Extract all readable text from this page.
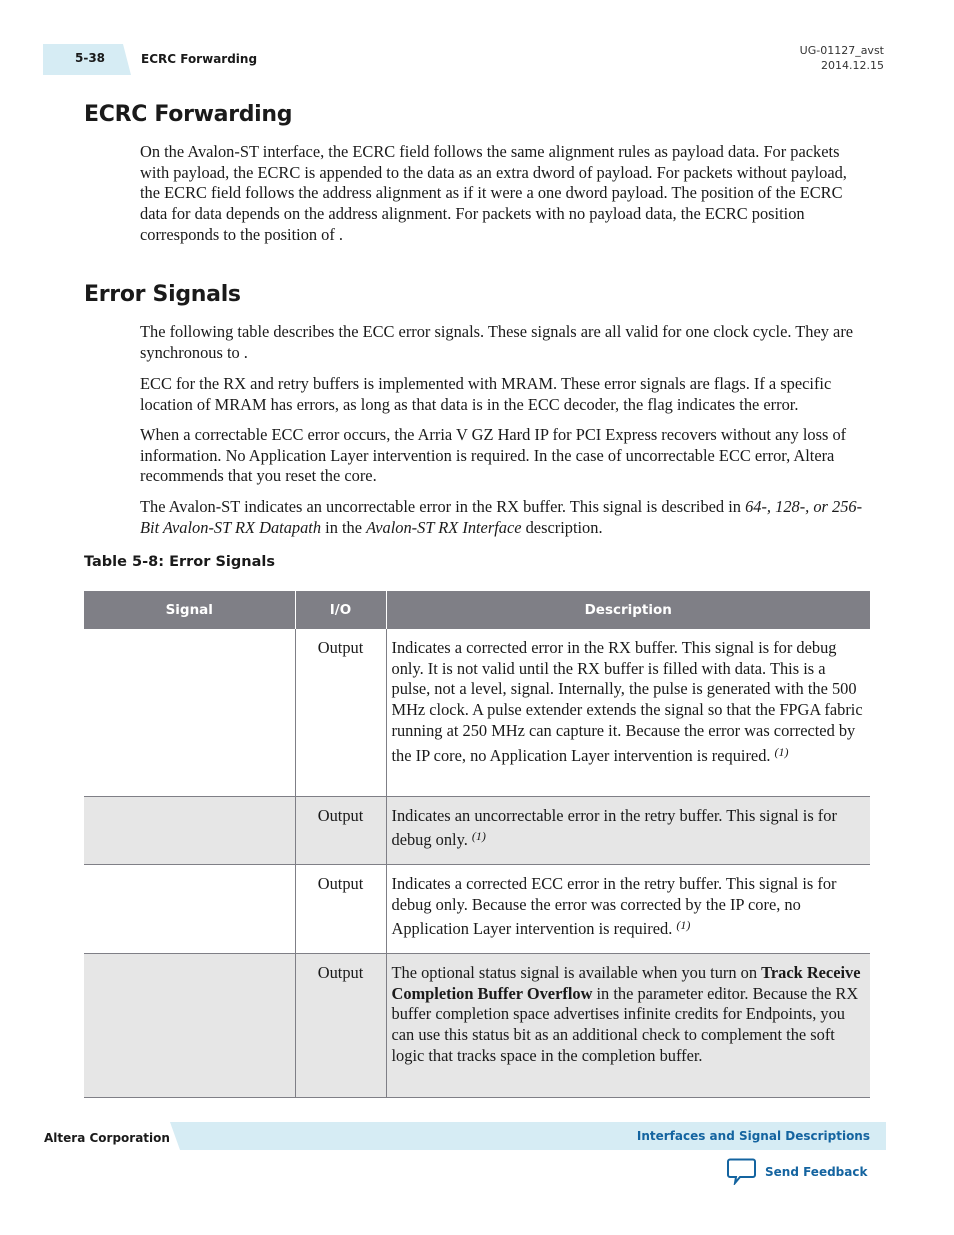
5-38	ECRC Forwarding
UG-01127_avst
2014.12.15
ECRC Forwarding

On the Avalon-ST interface, the ECRC field follows the same alignment rules as payload data. For packets with payload, the ECRC is appended to the data as an extra dword of payload. For packets without payload, the ECRC field follows the address alignment as if it were a one dword payload. The position of the ECRC data for data depends on the address alignment. For packets with no payload data, the ECRC position corresponds to the position of .

Error Signals

The following table describes the ECC error signals. These signals are all valid for one clock cycle. They are synchronous to .

ECC for the RX and retry buffers is implemented with MRAM. These error signals are flags. If a specific location of MRAM has errors, as long as that data is in the ECC decoder, the flag indicates the error.

When a correctable ECC error occurs, the Arria V GZ Hard IP for PCI Express recovers without any loss of information. No Application Layer intervention is required. In the case of uncorrectable ECC error, Altera recommends that you reset the core.

The Avalon-ST indicates an uncorrectable error in the RX buffer. This signal is described in 64-, 128-, or 256-Bit Avalon-ST RX Datapath in the Avalon-ST RX Interface description.

Table 5-8: Error Signals
Signal	I/O	Description
	Output	Indicates a corrected error in the RX buffer. This signal is for debug only. It is not valid until the RX buffer is filled with data. This is a pulse, not a level, signal. Internally, the pulse is generated with the 500 MHz clock. A pulse extender extends the signal so that the FPGA fabric running at 250 MHz can capture it. Because the error was corrected by the IP core, no Application Layer intervention is required. $^{(1)}$
	Output	Indicates an uncorrectable error in the retry buffer. This signal is for debug only. $^{(1)}$
	Output	Indicates a corrected ECC error in the retry buffer. This signal is for debug only. Because the error was corrected by the IP core, no Application Layer intervention is required. $^{(1)}$
	Output	The optional status signal is available when you turn on Track Receive Completion Buffer Overflow in the parameter editor. Because the RX buffer completion space advertises infinite credits for Endpoints, you can use this status bit as an additional check to complement the soft logic that tracks space in the completion buffer.
Altera Corporation	Interfaces and Signal Descriptions
Send Feedback
